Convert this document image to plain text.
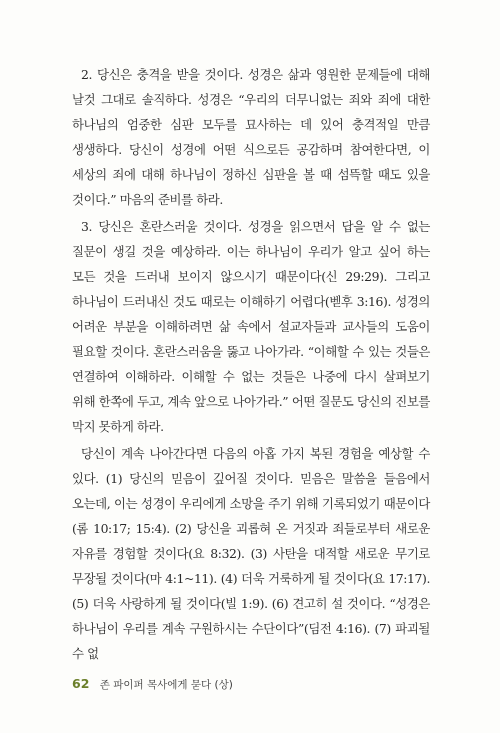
2. 당신은 충격을 받을 것이다. 성경은 삶과 영원한 문제들에 대해 날것 그대로 솔직하다. 성경은 “우리의 더무니없는 죄와 죄에 대한 하나님의 엄중한 심판 모두를 묘사하는 데 있어 충격적일 만큼 생생하다. 당신이 성경에 어떤 식으로든 공감하며 참여한다면, 이 세상의 죄에 대해 하나님이 정하신 심판을 볼 때 섬뜩할 때도 있을 것이다.” 마음의 준비를 하라.

3. 당신은 혼란스러울 것이다. 성경을 읽으면서 답을 알 수 없는 질문이 생길 것을 예상하라. 이는 하나님이 우리가 알고 싶어 하는 모든 것을 드러내 보이지 않으시기 때문이다(신 29:29). 그리고 하나님이 드러내신 것도 때로는 이해하기 어렵다(벧후 3:16). 성경의 어려운 부분을 이해하려면 삶 속에서 설교자들과 교사들의 도움이 필요할 것이다. 혼란스러움을 뚫고 나아가라. “이해할 수 있는 것들은 연결하여 이해하라. 이해할 수 없는 것들은 나중에 다시 살펴보기 위해 한쪽에 두고, 계속 앞으로 나아가라.” 어떤 질문도 당신의 진보를 막지 못하게 하라.

당신이 계속 나아간다면 다음의 아홉 가지 복된 경험을 예상할 수 있다. (1) 당신의 믿음이 깊어질 것이다. 믿음은 말씀을 들음에서 오는데, 이는 성경이 우리에게 소망을 주기 위해 기록되었기 때문이다(롬 10:17; 15:4). (2) 당신을 괴롭혀 온 거짓과 죄들로부터 새로운 자유를 경험할 것이다(요 8:32). (3) 사탄을 대적할 새로운 무기로 무장될 것이다(마 4:1~11). (4) 더욱 거룩하게 될 것이다(요 17:17). (5) 더욱 사랑하게 될 것이다(빌 1:9). (6) 견고히 설 것이다. “성경은 하나님이 우리를 계속 구원하시는 수단이다”(딤전 4:16). (7) 파괴될 수 없

62 존 파이퍼 목사에게 묻다 (상)
